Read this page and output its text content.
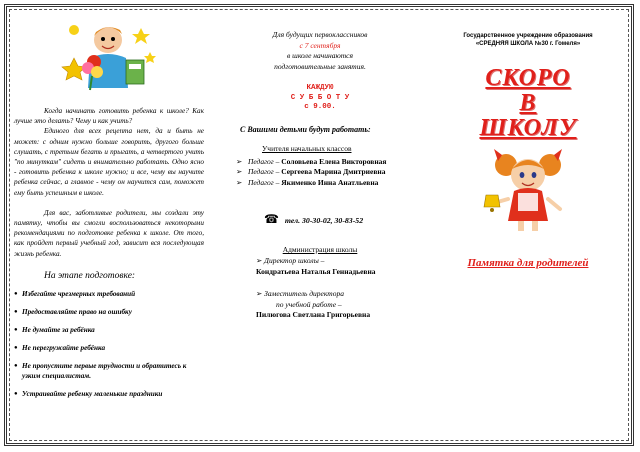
Когда начинать готовить ребенка к школе? Как лучше это делать? Чему и как учить?

Единого для всех рецепта нет, да и быть не может: с одним нужно больше говорить, другого больше слушать, с третьим бегать и прыгать, а четвертого учить "по минуткам" сидеть и внимательно работать. Одно ясно - готовить ребенка к школе нужно; и все, чему вы научите ребенка сейчас, а главное - чему он научится сам, поможет ему быть успешным в школе.

Для вас, заботливые родители, мы создали эту памятку, чтобы вы смогли воспользоваться некоторыми рекомендациями по подготовке ребенка к школе. От того, как пройдет первый учебный год, зависит вся последующая жизнь ребенка.

На этапе подготовке:
● Избегайте чрезмерных требований
● Предоставляйте право на ошибку
● Не думайте за ребёнка
● Не перегружайте ребёнка
● Не пропустите первые трудности и обратитесь к узким специалистам.
● Устраивайте ребенку маленькие праздники
Для будущих первоклассников
с 7 сентября
в школе начинаются
подготовительные занятия.
КАЖДУЮ
С У Б Б О Т У
с 9.00.
С Вашими детьми будут работать:
Учителя начальных классов
➢ Педагог – Соловьева Елена Викторовная
➢ Педагог – Сергеева Марина Дмитриевна
➢ Педагог – Якименко Инна Анатльевна
☎ тел. 30-30-02, 30-83-52
Администрация школы
➢ Директор школы –
Кондратьева Наталья Геннадьевна
➢ Заместитель директора
по учебной работе –
Пилюгова Светлана Григорьевна
Государственное учреждение образования
«СРЕДНЯЯ ШКОЛА №30 г. Гомеля»
СКОРО
В
ШКОЛУ
Памятка для родителей
